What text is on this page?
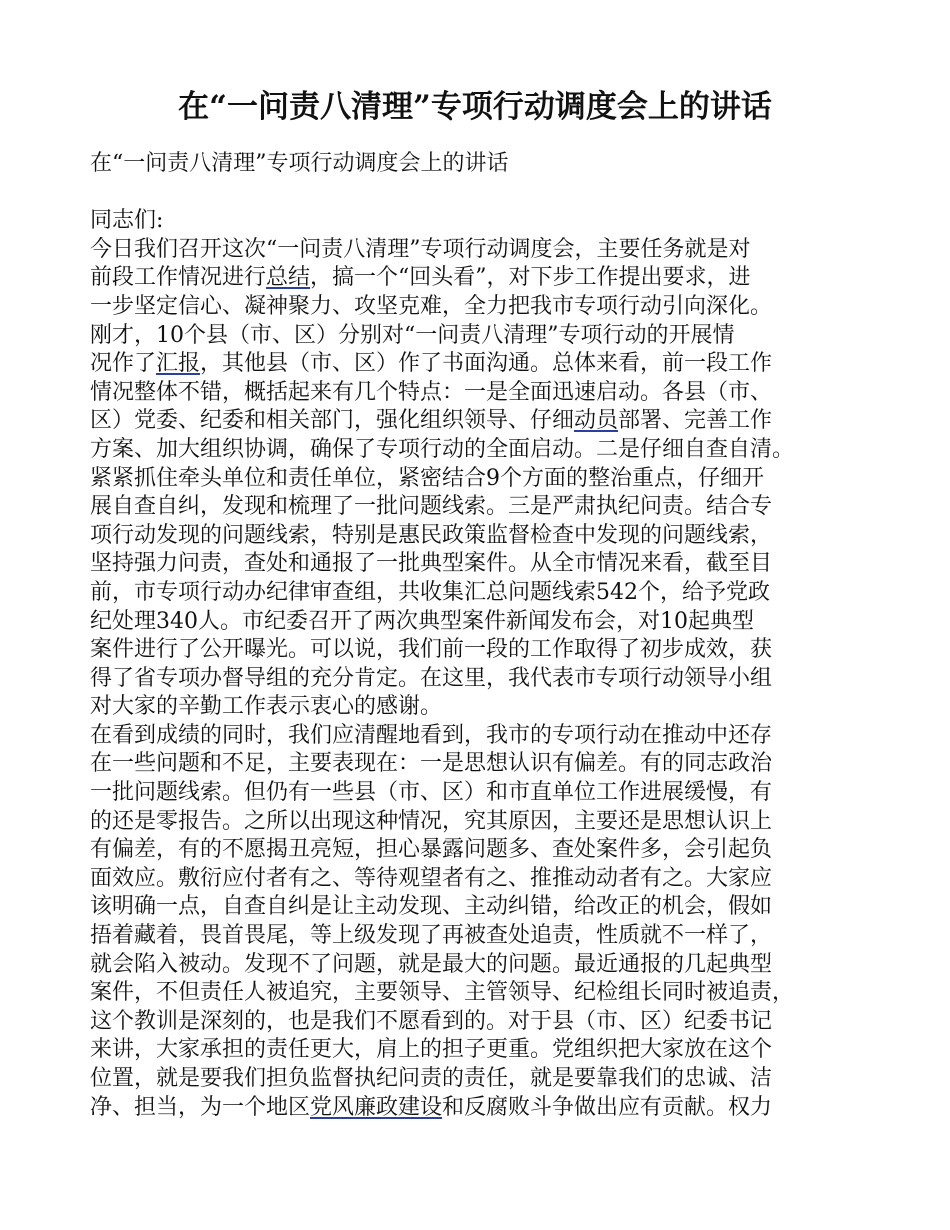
在“一问责八清理”专项行动调度会上的讲话
在“一问责八清理”专项行动调度会上的讲话
同志们:
今日我们召开这次“一问责八清理”专项行动调度会，主要任务就是对
前段工作情况进行总结，搞一个“回头看”，对下步工作提出要求，进
一步坚定信心、凝神聚力、攻坚克难，全力把我市专项行动引向深化。
刚才，10个县（市、区）分别对“一问责八清理”专项行动的开展情
况作了汇报，其他县（市、区）作了书面沟通。总体来看，前一段工作
情况整体不错，概括起来有几个特点：一是全面迅速启动。各县（市、
区）党委、纪委和相关部门，强化组织领导、仔细动员部署、完善工作
方案、加大组织协调，确保了专项行动的全面启动。二是仔细自查自清。
紧紧抓住牵头单位和责任单位，紧密结合9个方面的整治重点，仔细开
展自查自纠，发现和梳理了一批问题线索。三是严肃执纪问责。结合专
项行动发现的问题线索，特别是惠民政策监督检查中发现的问题线索，
坚持强力问责，查处和通报了一批典型案件。从全市情况来看，截至目
前，市专项行动办纪律审查组，共收集汇总问题线索542个，给予党政
纪处理340人。市纪委召开了两次典型案件新闻发布会，对10起典型
案件进行了公开曝光。可以说，我们前一段的工作取得了初步成效，获
得了省专项办督导组的充分肯定。在这里，我代表市专项行动领导小组
对大家的辛勤工作表示衷心的感谢。
在看到成绩的同时，我们应清醒地看到，我市的专项行动在推动中还存
在一些问题和不足，主要表现在：一是思想认识有偏差。有的同志政治
一批问题线索。但仍有一些县（市、区）和市直单位工作进展缓慢，有
的还是零报告。之所以出现这种情况，究其原因，主要还是思想认识上
有偏差，有的不愿揭丑亮短，担心暴露问题多、查处案件多，会引起负
面效应。敷衍应付者有之、等待观望者有之、推推动动者有之。大家应
该明确一点，自查自纠是让主动发现、主动纠错，给改正的机会，假如
捂着藏着，畏首畏尾，等上级发现了再被查处追责，性质就不一样了，
就会陷入被动。发现不了问题，就是最大的问题。最近通报的几起典型
案件，不但责任人被追究，主要领导、主管领导、纪检组长同时被追责，
这个教训是深刻的，也是我们不愿看到的。对于县（市、区）纪委书记
来讲，大家承担的责任更大，肩上的担子更重。党组织把大家放在这个
位置，就是要我们担负监督执纪问责的责任，就是要靠我们的忠诚、洁
净、担当，为一个地区党风廉政建设和反腐败斗争做出应有贡献。权力
